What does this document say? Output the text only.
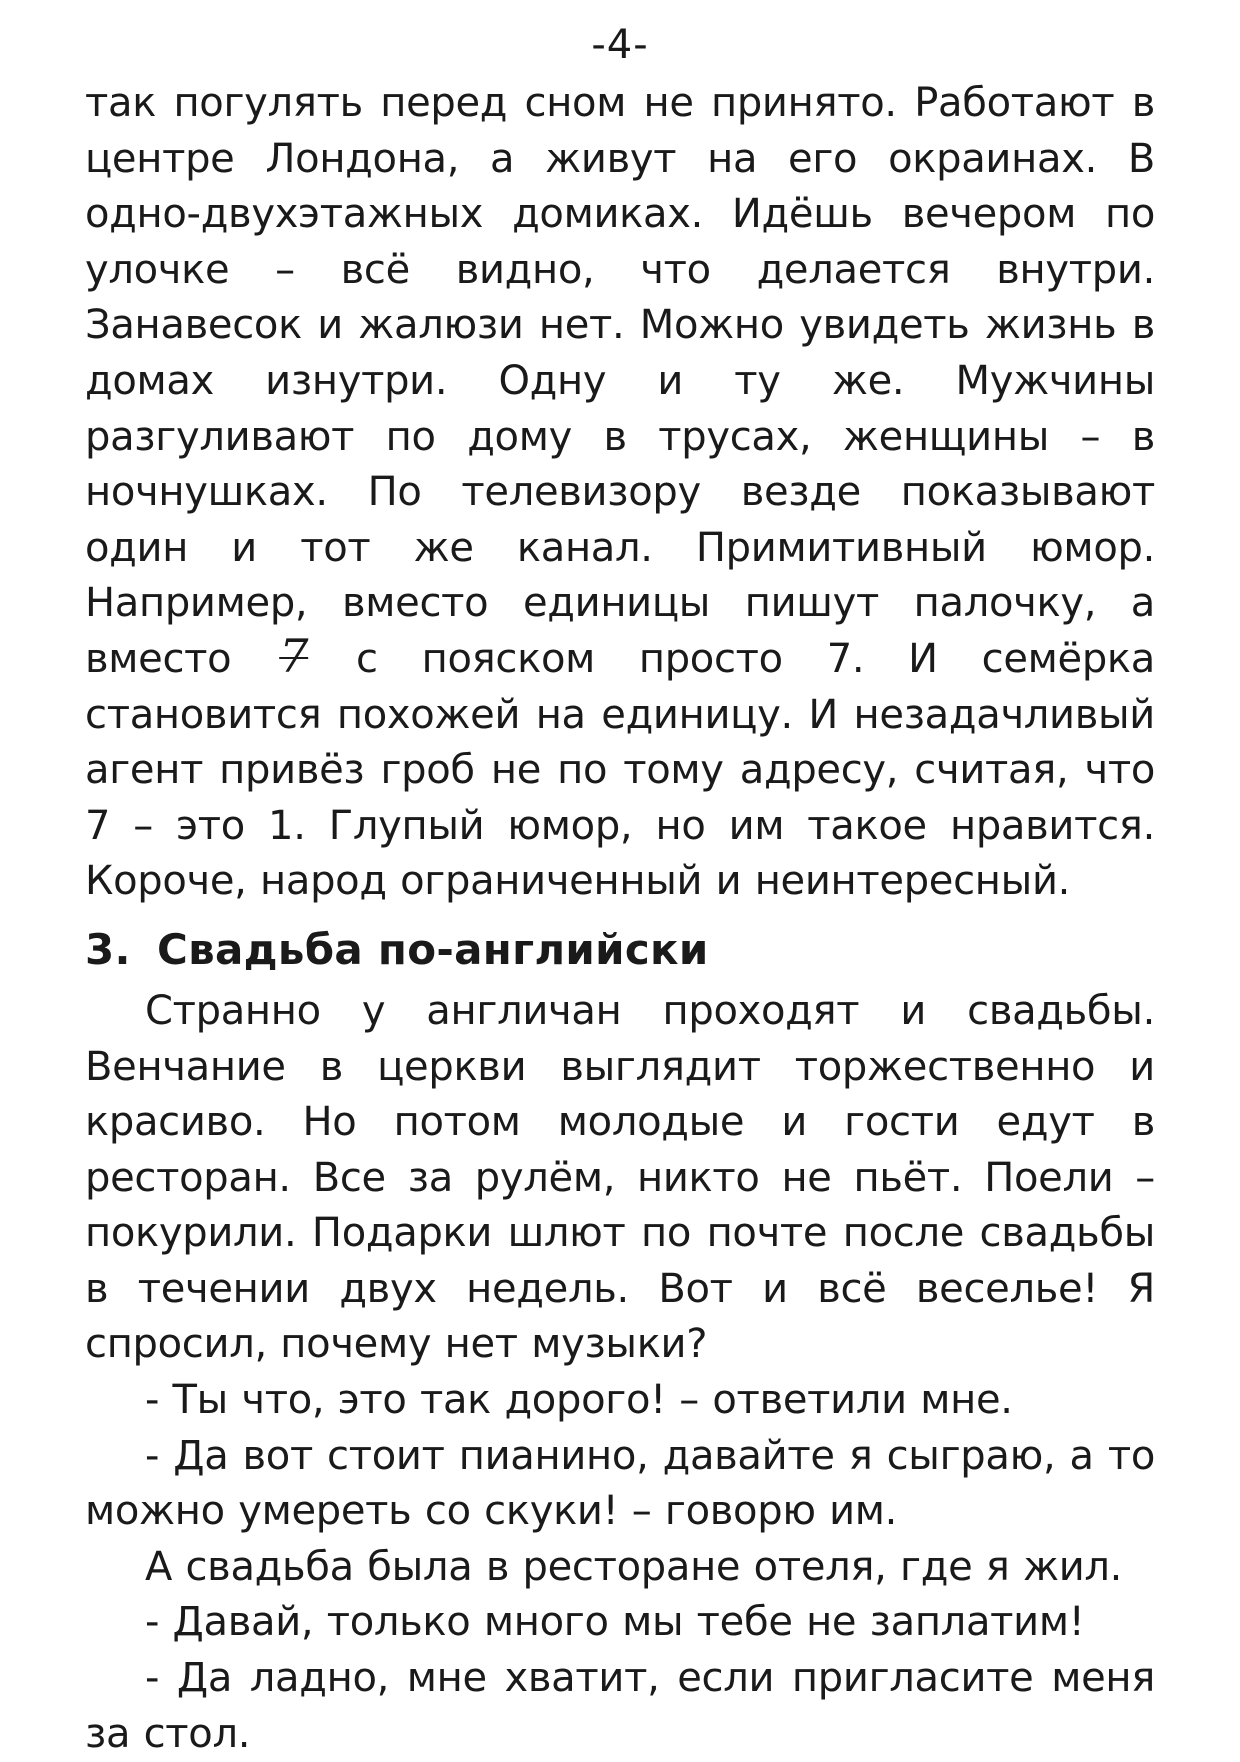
-4-

так погулять перед сном не принято. Работают в центре Лондона, а живут на его окраинах. В одно-двухэтажных домиках. Идёшь вечером по улочке – всё видно, что делается внутри. Занавесок и жалюзи нет. Можно увидеть жизнь в домах изнутри. Одну и ту же. Мужчины разгуливают по дому в трусах, женщины – в ночнушках. По телевизору везде показывают один и тот же канал. Примитивный юмор. Например, вместо единицы пишут палочку, а вместо 7 с пояском просто 7. И семёрка становится похожей на единицу. И незадачливый агент привёз гроб не по тому адресу, считая, что 7 – это 1. Глупый юмор, но им такое нравится. Короче, народ ограниченный и неинтересный.

3. Свадьба по-английски

Странно у англичан проходят и свадьбы. Венчание в церкви выглядит торжественно и красиво. Но потом молодые и гости едут в ресторан. Все за рулём, никто не пьёт. Поели – покурили. Подарки шлют по почте после свадьбы в течении двух недель. Вот и всё веселье! Я спросил, почему нет музыки?

- Ты что, это так дорого! – ответили мне.

- Да вот стоит пианино, давайте я сыграю, а то можно умереть со скуки! – говорю им.

А свадьба была в ресторане отеля, где я жил.

- Давай, только много мы тебе не заплатим!

- Да ладно, мне хватит, если пригласите меня за стол.
